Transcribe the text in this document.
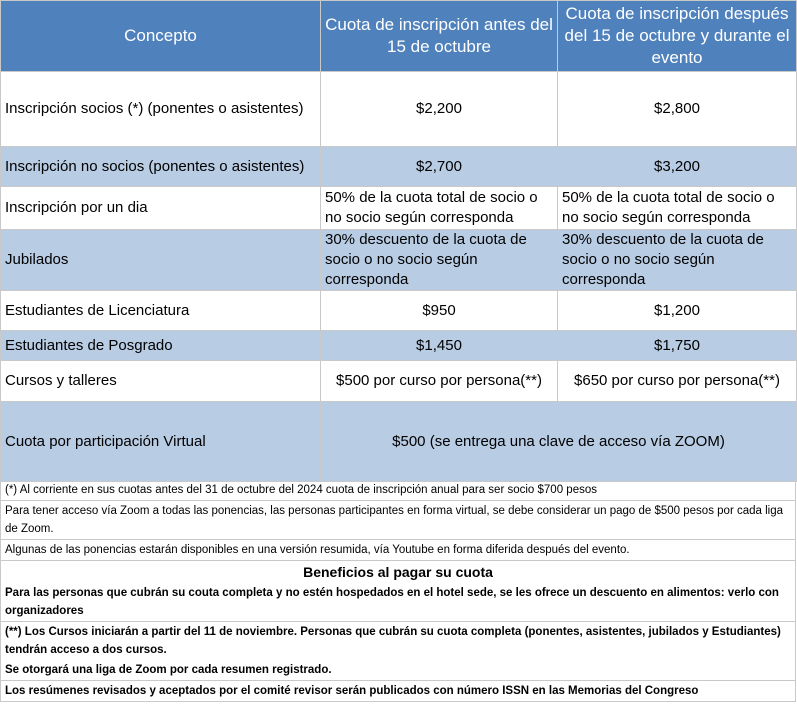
Concepto	Cuota de inscripción antes del 15 de octubre	Cuota de inscripción después del 15 de octubre y durante el evento
Inscripción socios (*) (ponentes o asistentes)	$2,200	$2,800
Inscripción no socios (ponentes o asistentes)	$2,700	$3,200
Inscripción por un dia	50% de la cuota total de socio o no socio según corresponda	50% de la cuota total de socio o no socio según corresponda
Jubilados	30% descuento de la cuota de socio o no socio según corresponda	30% descuento de la cuota de socio o no socio según corresponda
Estudiantes de Licenciatura	$950	$1,200
Estudiantes de Posgrado	$1,450	$1,750
Cursos y talleres	$500 por curso por persona(**)	$650 por curso por persona(**)
Cuota por participación Virtual	$500 (se entrega una clave de acceso vía ZOOM)	
(*) Al corriente en sus cuotas antes del 31 de octubre del 2024 cuota de inscripción anual para ser socio $700 pesos
Para tener acceso vía Zoom a todas las ponencias, las personas participantes en forma virtual, se debe considerar un pago de $500 pesos por cada liga de Zoom.
Algunas de las ponencias estarán disponibles en una versión resumida, vía Youtube en forma diferida después del evento.
Beneficios al pagar su cuota
Para las personas que cubrán su couta completa y no estén hospedados en el hotel sede, se les ofrece un descuento en alimentos: verlo con organizadores
(**) Los Cursos iniciarán a partir del 11 de noviembre. Personas que cubrán su cuota completa (ponentes, asistentes, jubilados y Estudiantes) tendrán acceso a dos cursos.
Se otorgará una liga de Zoom por cada resumen registrado.
Los resúmenes revisados y aceptados por el comité revisor serán publicados con número ISSN en las Memorias del Congreso
